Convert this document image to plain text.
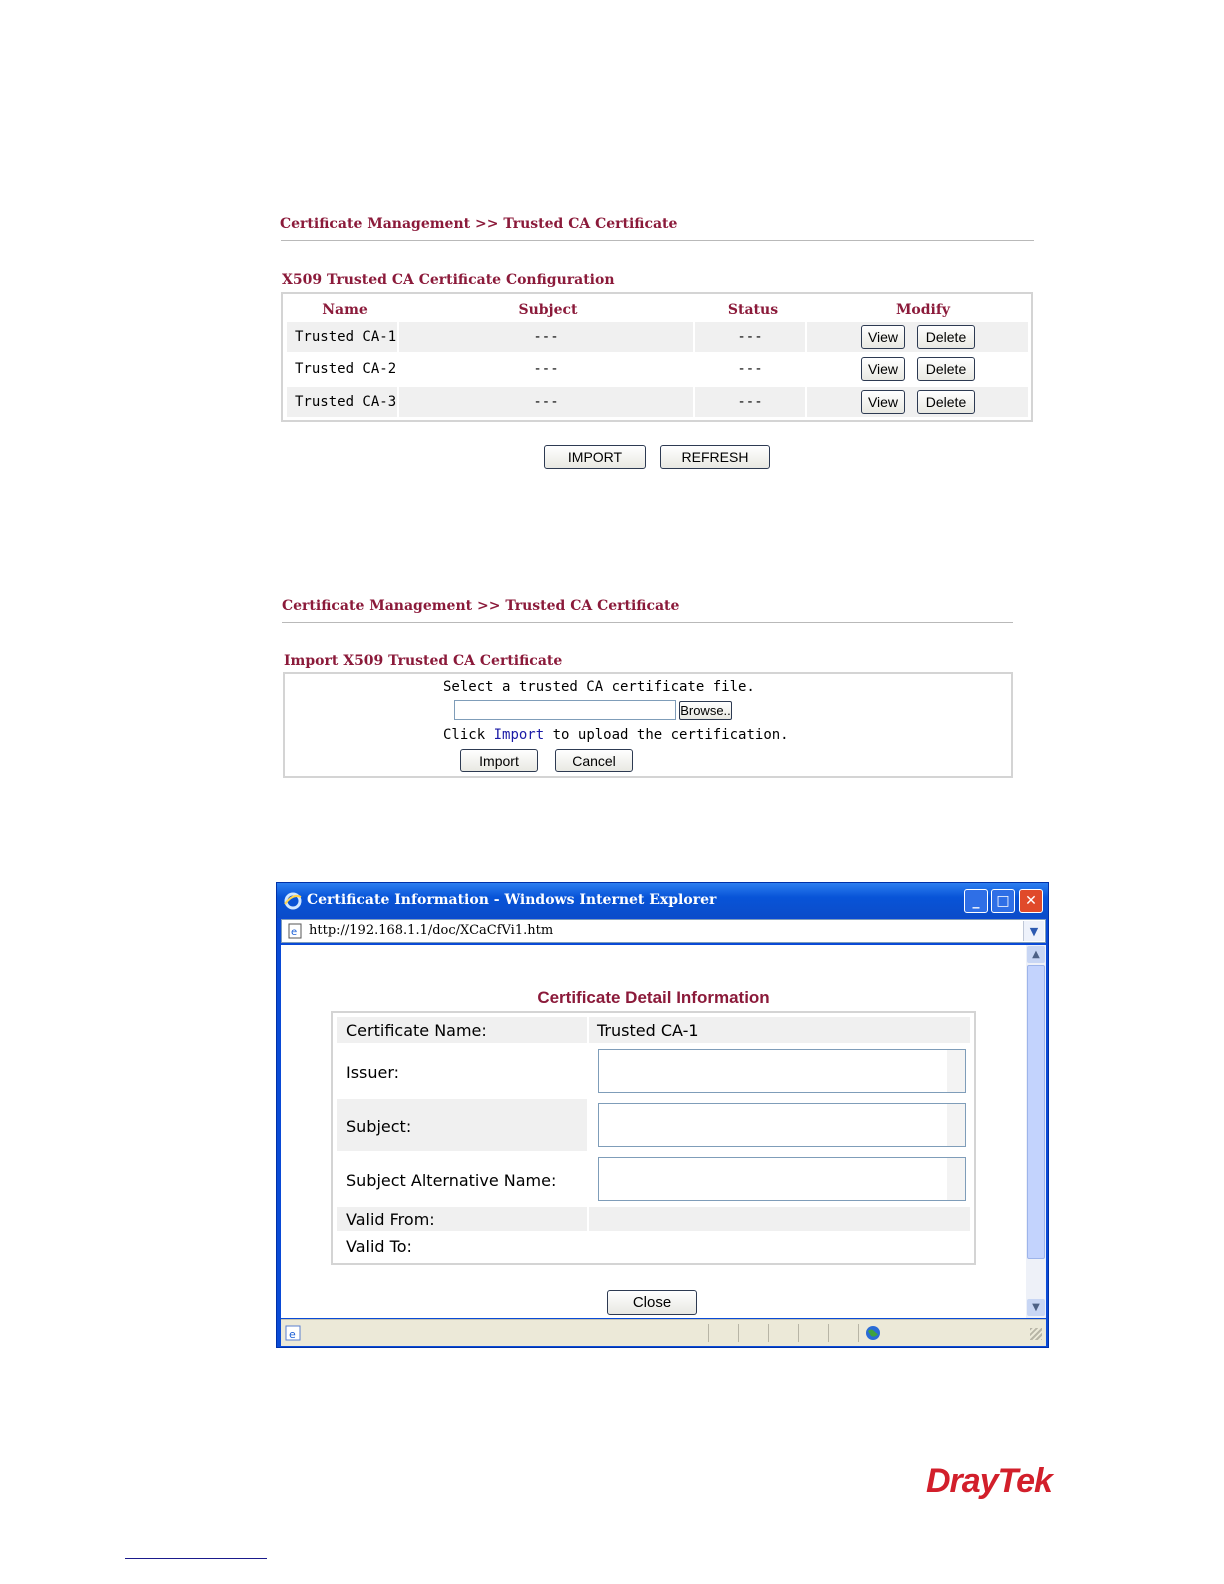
Certificate Management >> Trusted CA Certificate
X509 Trusted CA Certificate Configuration
Name	Subject	Status	Modify
Trusted CA-1	---	---	View	Delete
Trusted CA-2	---	---	View	Delete
Trusted CA-3	---	---	View	Delete
IMPORT	REFRESH
Certificate Management >> Trusted CA Certificate
Import X509 Trusted CA Certificate
Select a trusted CA certificate file.
Browse..
Click Import to upload the certification.
Import	Cancel
Certificate Information - Windows Internet Explorer	_	□	✕
e http://192.168.1.1/doc/XCaCfVi1.htm	▼
Certificate Detail Information
Certificate Name:	Trusted CA-1
Issuer:
Subject:
Subject Alternative Name:
Valid From:
Valid To:
Close
▲
▼
e
DrayTek
